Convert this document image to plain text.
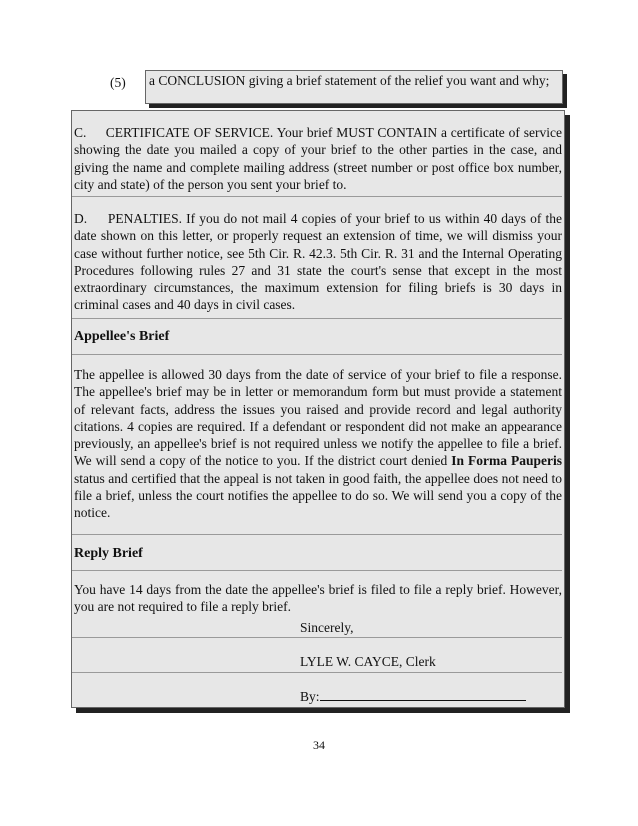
(5) a CONCLUSION giving a brief statement of the relief you want and why;

C.     CERTIFICATE OF SERVICE. Your brief MUST CONTAIN a certificate of service showing the date you mailed a copy of your brief to the other parties in the case, and giving the name and complete mailing address (street number or post office box number, city and state) of the person you sent your brief to.

D.     PENALTIES. If you do not mail 4 copies of your brief to us within 40 days of the date shown on this letter, or properly request an extension of time, we will dismiss your case without further notice, see 5th Cir. R. 42.3. 5th Cir. R. 31 and the Internal Operating Procedures following rules 27 and 31 state the court's sense that except in the most extraordinary circumstances, the maximum extension for filing briefs is 30 days in criminal cases and 40 days in civil cases.

Appellee's Brief

The appellee is allowed 30 days from the date of service of your brief to file a response. The appellee's brief may be in letter or memorandum form but must provide a statement of relevant facts, address the issues you raised and provide record and legal authority citations. 4 copies are required. If a defendant or respondent did not make an appearance previously, an appellee's brief is not required unless we notify the appellee to file a brief. We will send a copy of the notice to you. If the district court denied In Forma Pauperis status and certified that the appeal is not taken in good faith, the appellee does not need to file a brief, unless the court notifies the appellee to do so. We will send you a copy of the notice.

Reply Brief

You have 14 days from the date the appellee's brief is filed to file a reply brief. However, you are not required to file a reply brief.

Sincerely,
LYLE W. CAYCE, Clerk
By:
34
